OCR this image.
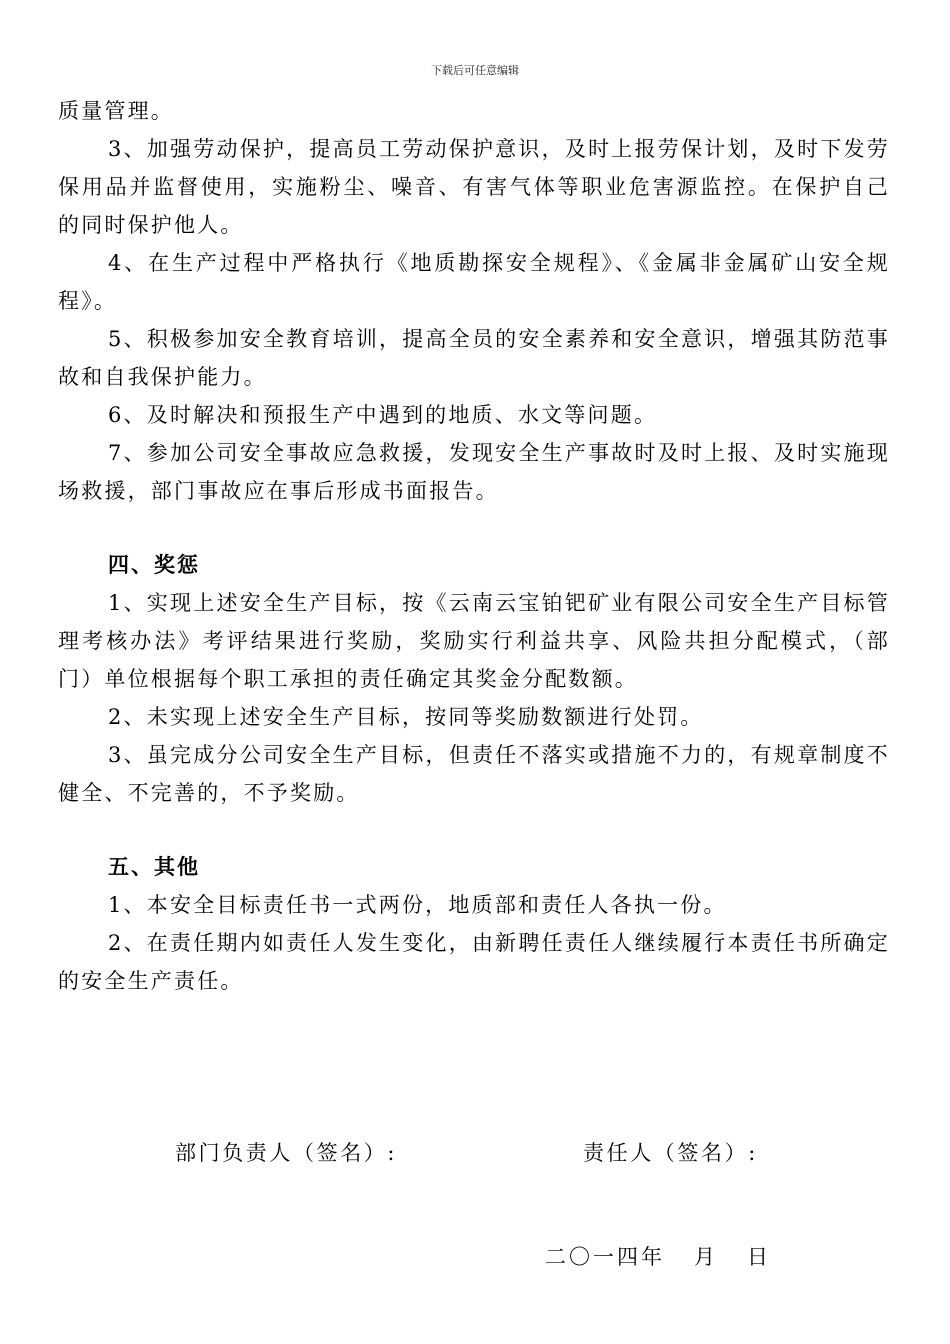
下载后可任意编辑

质量管理。

3、加强劳动保护，提高员工劳动保护意识，及时上报劳保计划，及时下发劳保用品并监督使用，实施粉尘、噪音、有害气体等职业危害源监控。在保护自己的同时保护他人。

4、在生产过程中严格执行《地质勘探安全规程》、《金属非金属矿山安全规程》。

5、积极参加安全教育培训，提高全员的安全素养和安全意识，增强其防范事故和自我保护能力。

6、及时解决和预报生产中遇到的地质、水文等问题。

7、参加公司安全事故应急救援，发现安全生产事故时及时上报、及时实施现场救援，部门事故应在事后形成书面报告。

四、奖惩

1、实现上述安全生产目标，按《云南云宝铂钯矿业有限公司安全生产目标管理考核办法》考评结果进行奖励，奖励实行利益共享、风险共担分配模式，（部门）单位根据每个职工承担的责任确定其奖金分配数额。

2、未实现上述安全生产目标，按同等奖励数额进行处罚。

3、虽完成分公司安全生产目标，但责任不落实或措施不力的，有规章制度不健全、不完善的，不予奖励。

五、其他

1、本安全目标责任书一式两份，地质部和责任人各执一份。

2、在责任期内如责任人发生变化，由新聘任责任人继续履行本责任书所确定的安全生产责任。

部门负责人（签名）:	责任人（签名）:
二〇一四年   月   日
